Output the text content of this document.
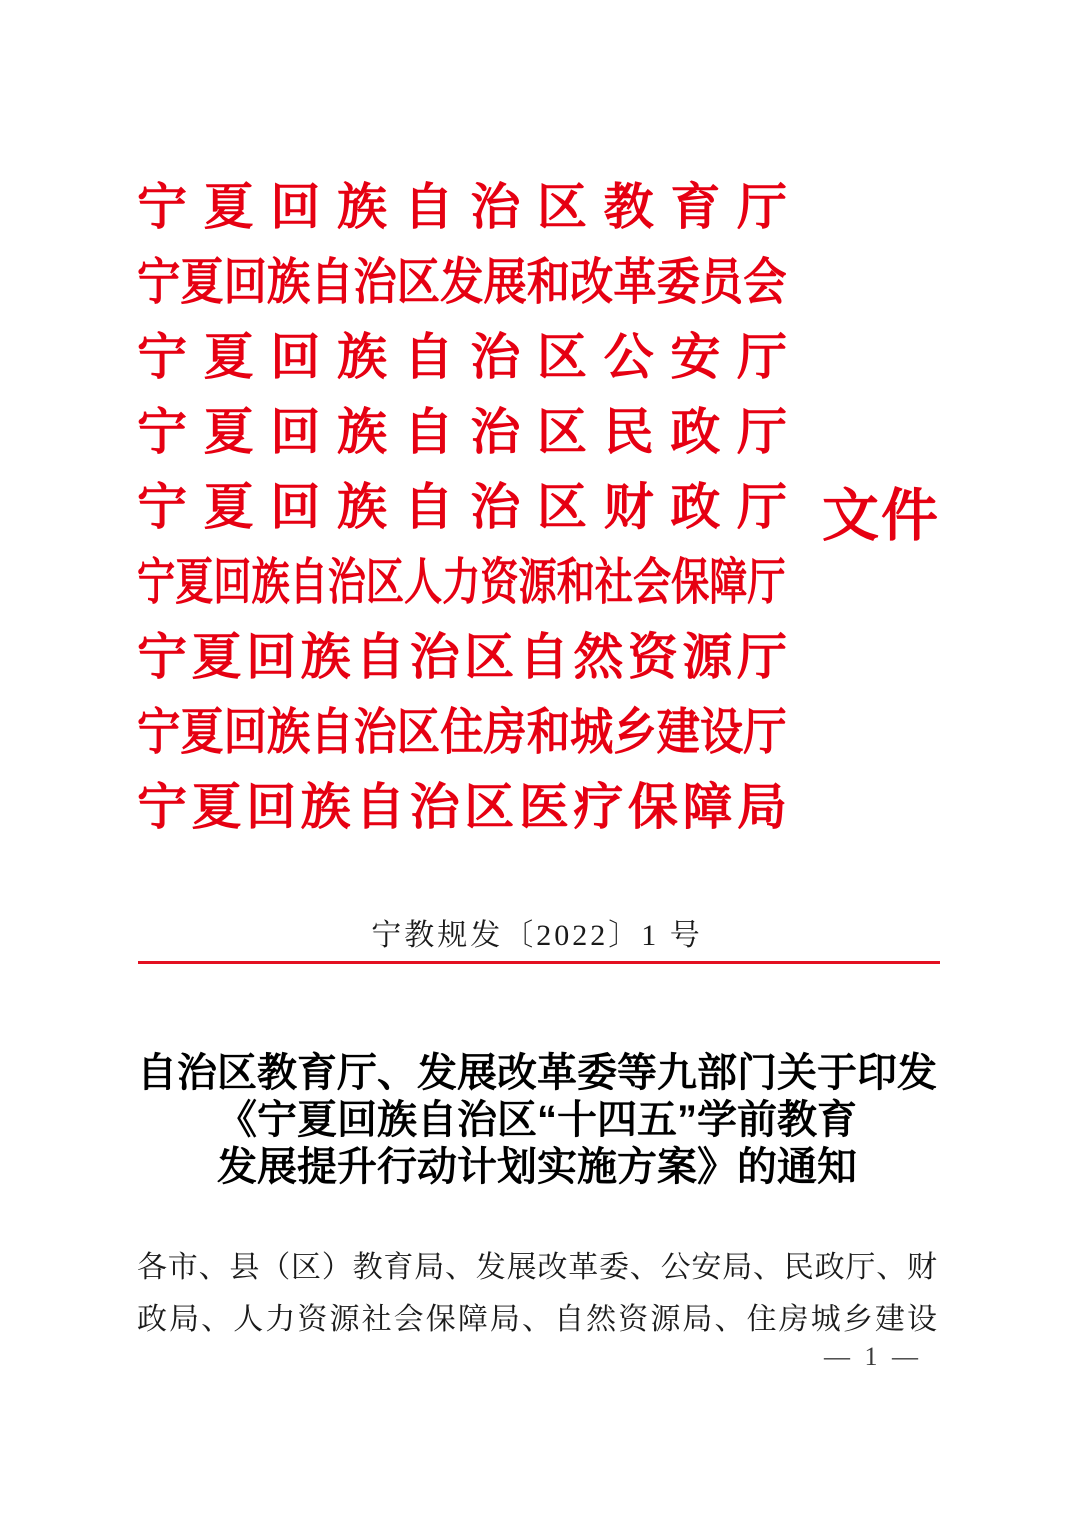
宁夏回族自治区教育厅
宁夏回族自治区发展和改革委员会
宁夏回族自治区公安厅
宁夏回族自治区民政厅
宁夏回族自治区财政厅
宁夏回族自治区人力资源和社会保障厅
宁夏回族自治区自然资源厅
宁夏回族自治区住房和城乡建设厅
宁夏回族自治区医疗保障局
文件
宁教规发〔2022〕1 号
自治区教育厅、发展改革委等九部门关于印发
《宁夏回族自治区“十四五”学前教育
发展提升行动计划实施方案》的通知
各市、县（区）教育局、发展改革委、公安局、民政厅、财
政局、人力资源社会保障局、自然资源局、住房城乡建设
— 1 —
